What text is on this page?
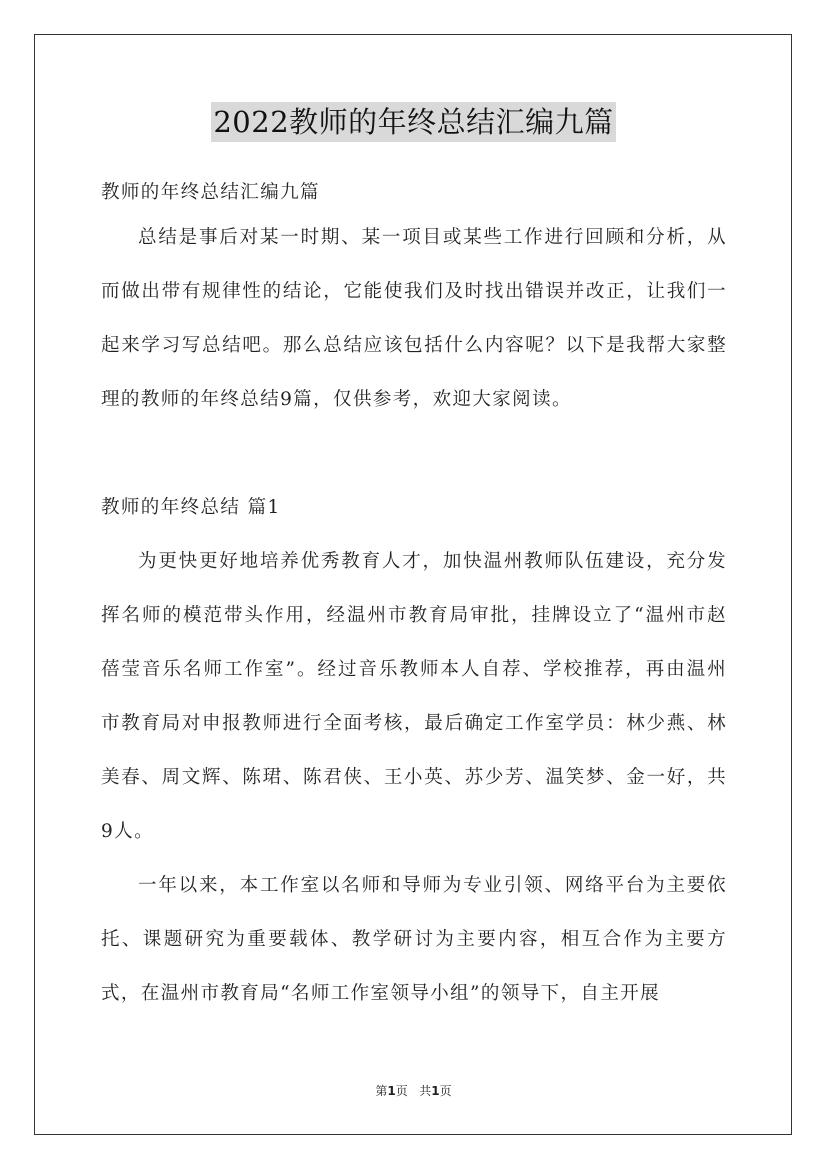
2022教师的年终总结汇编九篇

教师的年终总结汇编九篇

总结是事后对某一时期、某一项目或某些工作进行回顾和分析，从而做出带有规律性的结论，它能使我们及时找出错误并改正，让我们一起来学习写总结吧。那么总结应该包括什么内容呢？以下是我帮大家整理的教师的年终总结9篇，仅供参考，欢迎大家阅读。

教师的年终总结 篇1

为更快更好地培养优秀教育人才，加快温州教师队伍建设，充分发挥名师的模范带头作用，经温州市教育局审批，挂牌设立了“温州市赵蓓莹音乐名师工作室”。经过音乐教师本人自荐、学校推荐，再由温州市教育局对申报教师进行全面考核，最后确定工作室学员：林少燕、林美春、周文辉、陈珺、陈君侠、王小英、苏少芳、温笑梦、金一好，共9人。

一年以来，本工作室以名师和导师为专业引领、网络平台为主要依托、课题研究为重要载体、教学研讨为主要内容，相互合作为主要方式，在温州市教育局“名师工作室领导小组”的领导下，自主开展

第1页   共1页
